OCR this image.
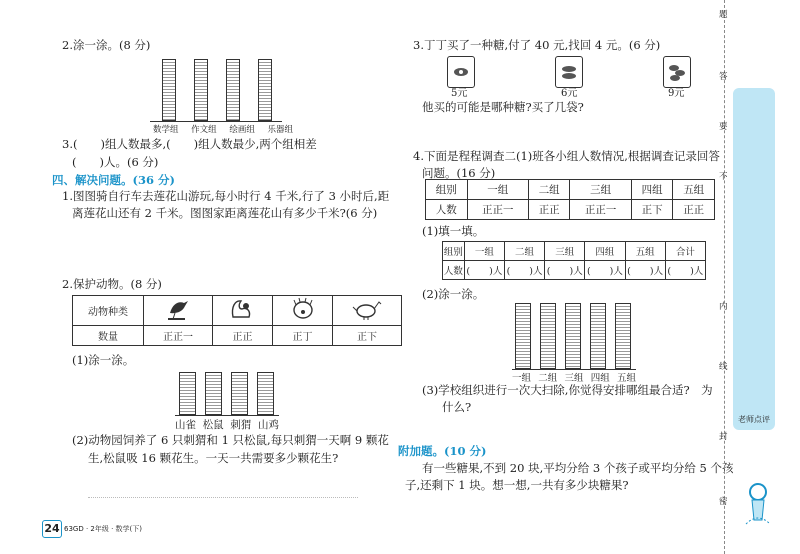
2.涂一涂。(8 分)
数学组 作文组 绘画组 乐器组
3.(　　)组人数最多,(　　)组人数最少,两个组相差
(　　)人。(6 分)
四、解决问题。(36 分)
1.图图骑自行车去莲花山游玩,每小时行 4 千米,行了 3 小时后,距
离莲花山还有 2 千米。图图家距离莲花山有多少千米?(6 分)
2.保护动物。(8 分)
动物种类				
数量	正正一	正正	正丁	正下
(1)涂一涂。
山雀 松鼠 刺猬 山鸡
(2)动物园饲养了 6 只刺猬和 1 只松鼠,每只刺猬一天啊 9 颗花
生,松鼠吸 16 颗花生。一天一共需要多少颗花生?
24 63GD · 2年级 · 数学(下)
3.丁丁买了一种糖,付了 40 元,找回 4 元。(6 分)
5元	6元	9元
他买的可能是哪种糖?买了几袋?
4.下面是程程调查二(1)班各小组人数情况,根据调查记录回答
问题。(16 分)
组别	一组	二组	三组	四组	五组
人数	正正一	正正	正正一	正下	正正
(1)填一填。
组别	一组	二组	三组	四组	五组	合计
人数	(　　)人	(　　)人	(　　)人	(　　)人	(　　)人	(　　)人
(2)涂一涂。
一组 二组 三组 四组 五组
(3)学校组织进行一次大扫除,你觉得安排哪组最合适?　为
什么?
附加题。(10 分)
有一些糖果,不到 20 块,平均分给 3 个孩子或平均分给 5 个孩
子,还剩下 1 块。想一想,一共有多少块糖果?
题
答
要
不
内
线
封
密
老师点评
